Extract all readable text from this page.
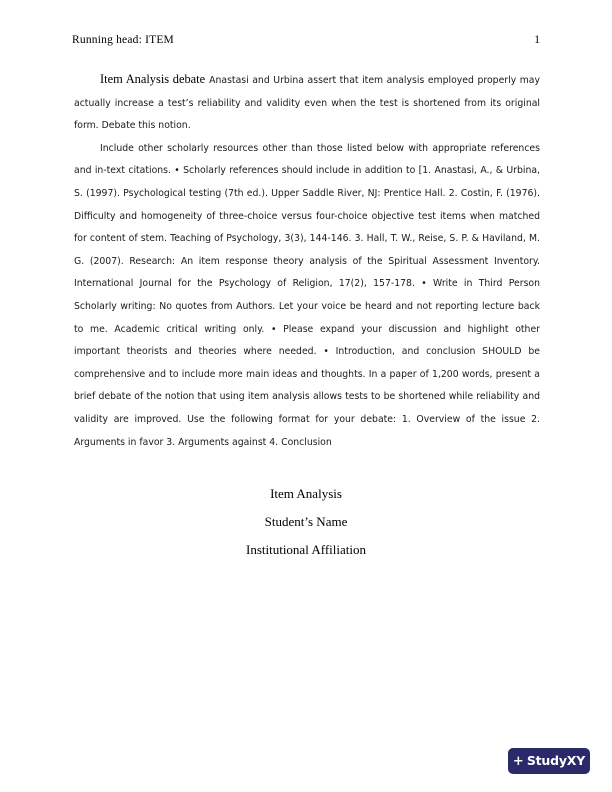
Running head: ITEM	1

Item Analysis debate Anastasi and Urbina assert that item analysis employed properly may actually increase a test’s reliability and validity even when the test is shortened from its original form. Debate this notion.

Include other scholarly resources other than those listed below with appropriate references and in-text citations. • Scholarly references should include in addition to [1. Anastasi, A., & Urbina, S. (1997). Psychological testing (7th ed.). Upper Saddle River, NJ: Prentice Hall. 2. Costin, F. (1976). Difficulty and homogeneity of three-choice versus four-choice objective test items when matched for content of stem. Teaching of Psychology, 3(3), 144-146. 3. Hall, T. W., Reise, S. P. & Haviland, M. G. (2007). Research: An item response theory analysis of the Spiritual Assessment Inventory. International Journal for the Psychology of Religion, 17(2), 157-178. • Write in Third Person Scholarly writing: No quotes from Authors. Let your voice be heard and not reporting lecture back to me. Academic critical writing only. • Please expand your discussion and highlight other important theorists and theories where needed. • Introduction, and conclusion SHOULD be comprehensive and to include more main ideas and thoughts. In a paper of 1,200 words, present a brief debate of the notion that using item analysis allows tests to be shortened while reliability and validity are improved. Use the following format for your debate: 1. Overview of the issue 2. Arguments in favor 3. Arguments against 4. Conclusion

Item Analysis
Student’s Name
Institutional Affiliation
+ StudyXY
